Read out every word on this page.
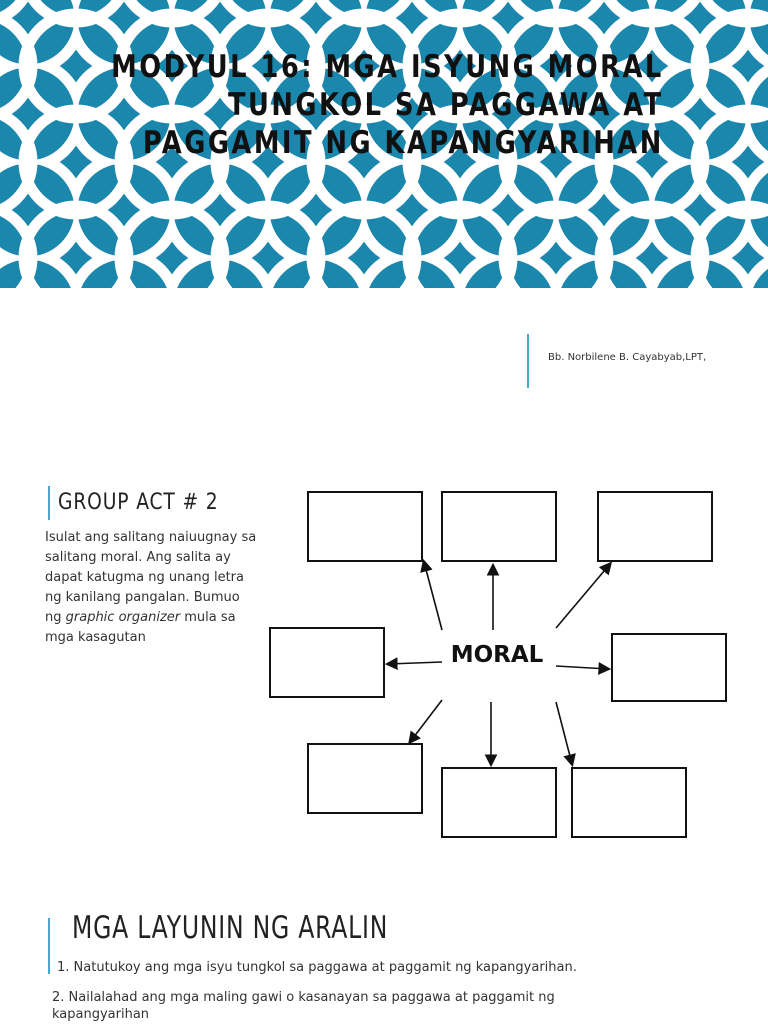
MODYUL 16: MGA ISYUNG MORAL
TUNGKOL SA PAGGAWA AT
PAGGAMIT NG KAPANGYARIHAN
Bb. Norbilene B. Cayabyab,LPT,
GROUP ACT # 2
Isulat ang salitang naiuugnay sa salitang moral. Ang salita ay dapat katugma ng unang letra ng kanilang pangalan. Bumuo ng graphic organizer mula sa mga kasagutan
MORAL
MGA LAYUNIN NG ARALIN
1. Natutukoy ang mga isyu tungkol sa paggawa at paggamit ng kapangyarihan.
2. Nailalahad ang mga maling gawi o kasanayan sa paggawa at paggamit ng kapangyarihan
